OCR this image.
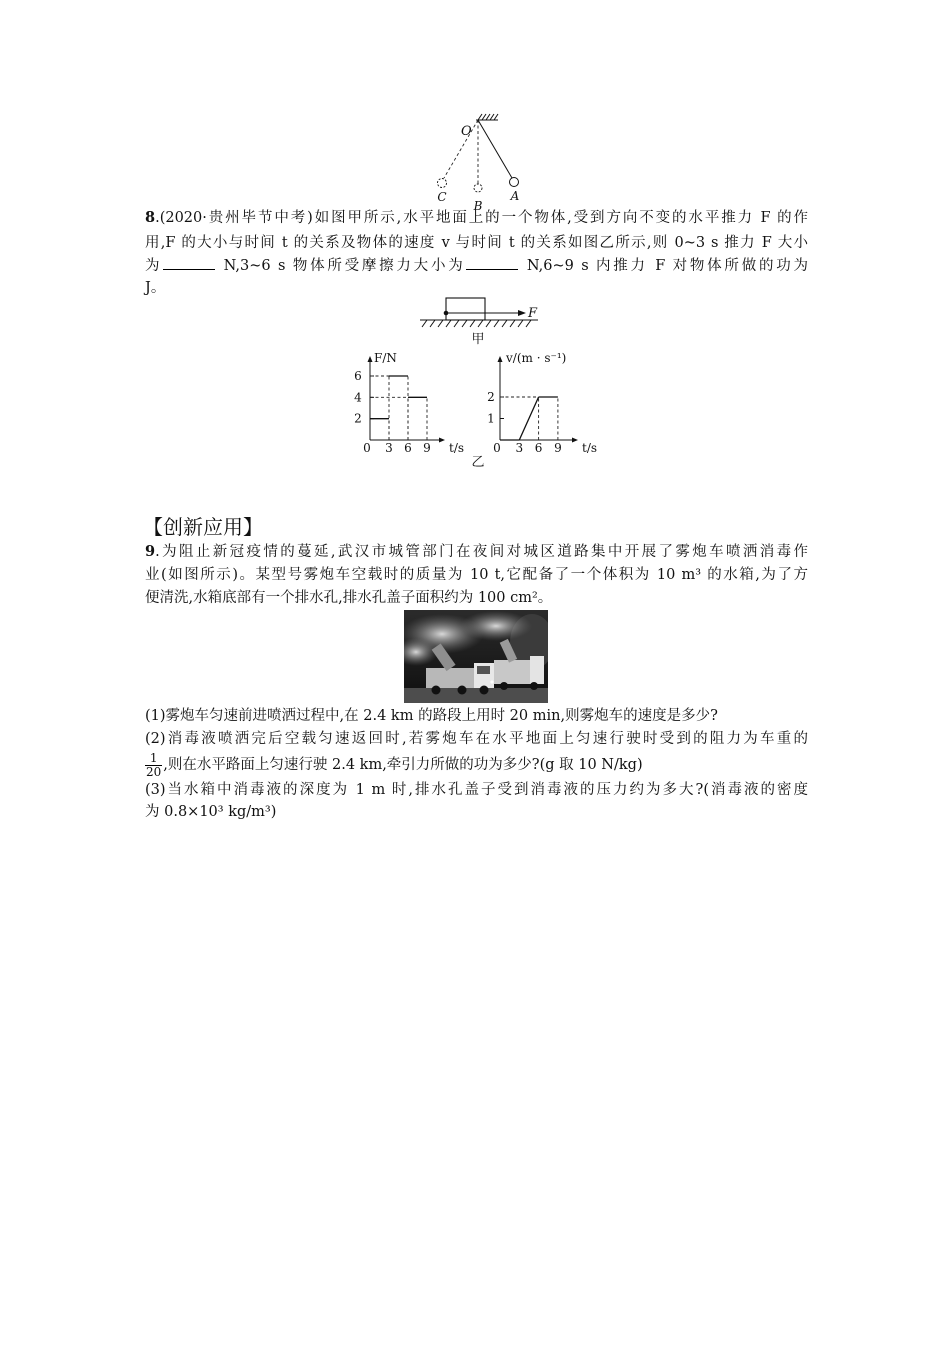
O
C
B
A
8.(2020·贵州毕节中考)如图甲所示,水平地面上的一个物体,受到方向不变的水平推力 F 的作
用,F 的大小与时间 t 的关系及物体的速度 v 与时间 t 的关系如图乙所示,则 0~3 s 推力 F 大小
为	N,3~6 s 物体所受摩擦力大小为	N,6~9 s 内推力 F 对物体所做的功为
J。
F
甲
2
4
6
0 3 6 9
F/N
t/s
1
2
0 3 6 9
v/(m · s⁻¹)
t/s
乙
【创新应用】
9.为阻止新冠疫情的蔓延,武汉市城管部门在夜间对城区道路集中开展了雾炮车喷洒消毒作
业(如图所示)。某型号雾炮车空载时的质量为 10 t,它配备了一个体积为 10 m³ 的水箱,为了方
便清洗,水箱底部有一个排水孔,排水孔盖子面积约为 100 cm²。
(1)雾炮车匀速前进喷洒过程中,在 2.4 km 的路段上用时 20 min,则雾炮车的速度是多少?
(2)消毒液喷洒完后空载匀速返回时,若雾炮车在水平地面上匀速行驶时受到的阻力为车重的
$\frac{1}{20}$ ,则在水平路面上匀速行驶 2.4 km,牵引力所做的功为多少?(g 取 10 N/kg)
(3)当水箱中消毒液的深度为 1 m 时,排水孔盖子受到消毒液的压力约为多大?(消毒液的密度
为 0.8×10³ kg/m³)
